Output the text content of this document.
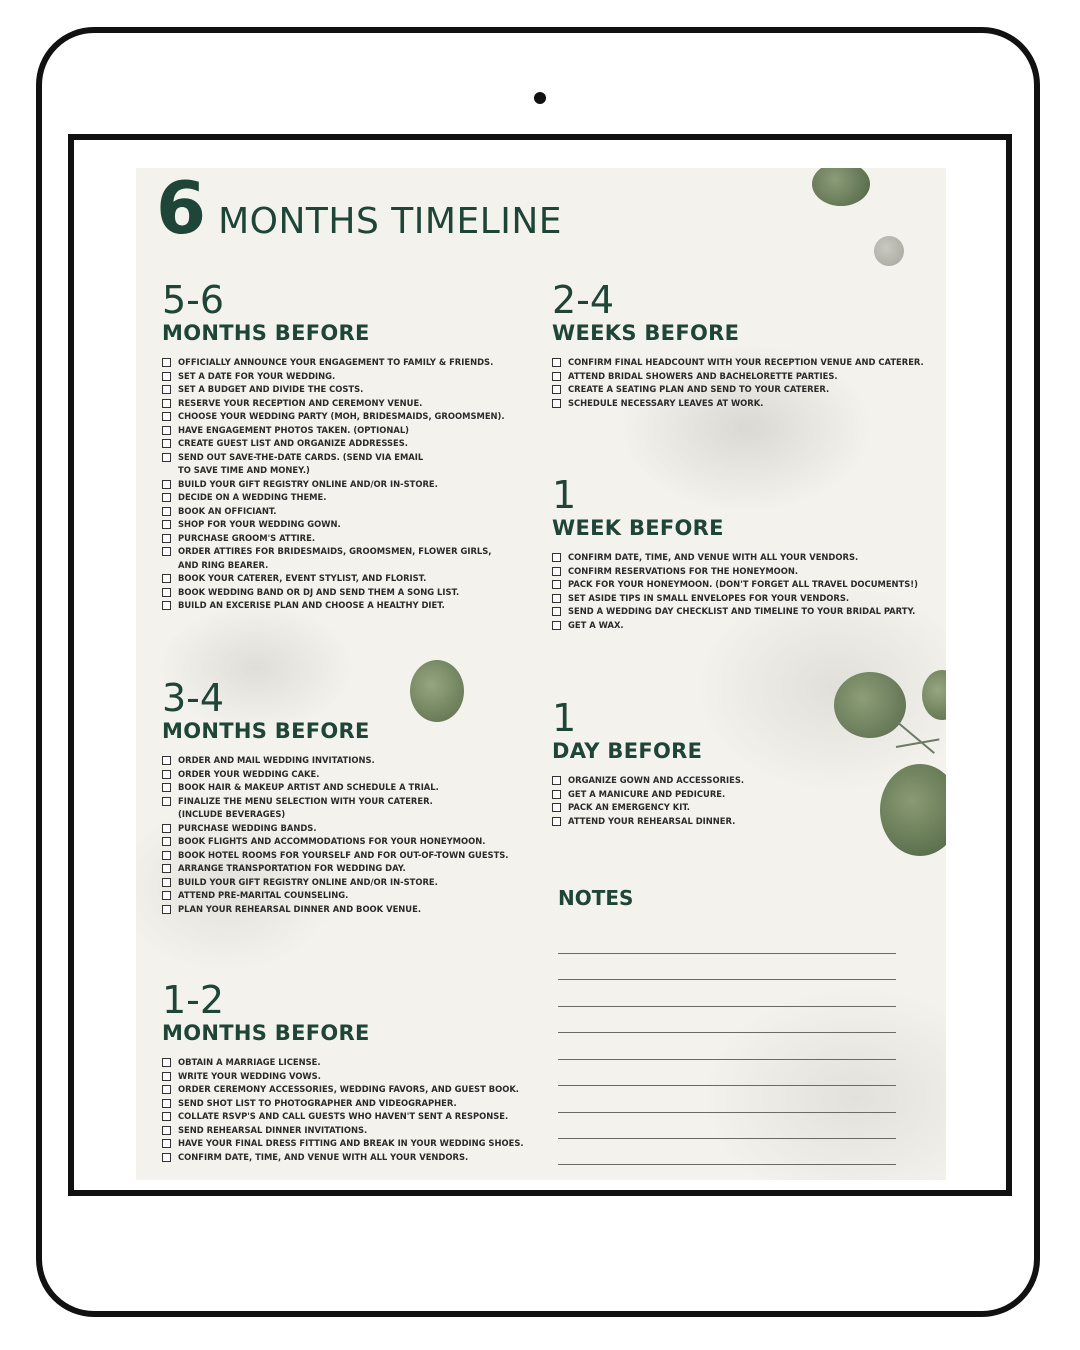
6 MONTHS TIMELINE
5-6
MONTHS BEFORE
OFFICIALLY ANNOUNCE YOUR ENGAGEMENT TO FAMILY & FRIENDS.
SET A DATE FOR YOUR WEDDING.
SET A BUDGET AND DIVIDE THE COSTS.
RESERVE YOUR RECEPTION AND CEREMONY VENUE.
CHOOSE YOUR WEDDING PARTY (MOH, BRIDESMAIDS, GROOMSMEN).
HAVE ENGAGEMENT PHOTOS TAKEN. (OPTIONAL)
CREATE GUEST LIST AND ORGANIZE ADDRESSES.
SEND OUT SAVE-THE-DATE CARDS. (SEND VIA EMAIL
TO SAVE TIME AND MONEY.)
BUILD YOUR GIFT REGISTRY ONLINE AND/OR IN-STORE.
DECIDE ON A WEDDING THEME.
BOOK AN OFFICIANT.
SHOP FOR YOUR WEDDING GOWN.
PURCHASE GROOM'S ATTIRE.
ORDER ATTIRES FOR BRIDESMAIDS, GROOMSMEN, FLOWER GIRLS,
AND RING BEARER.
BOOK YOUR CATERER, EVENT STYLIST, AND FLORIST.
BOOK WEDDING BAND OR DJ AND SEND THEM A SONG LIST.
BUILD AN EXCERISE PLAN AND CHOOSE A HEALTHY DIET.
3-4
MONTHS BEFORE
ORDER AND MAIL WEDDING INVITATIONS.
ORDER YOUR WEDDING CAKE.
BOOK HAIR & MAKEUP ARTIST AND SCHEDULE A TRIAL.
FINALIZE THE MENU SELECTION WITH YOUR CATERER.
(INCLUDE BEVERAGES)
PURCHASE WEDDING BANDS.
BOOK FLIGHTS AND ACCOMMODATIONS FOR YOUR HONEYMOON.
BOOK HOTEL ROOMS FOR YOURSELF AND FOR OUT-OF-TOWN GUESTS.
ARRANGE TRANSPORTATION FOR WEDDING DAY.
BUILD YOUR GIFT REGISTRY ONLINE AND/OR IN-STORE.
ATTEND PRE-MARITAL COUNSELING.
PLAN YOUR REHEARSAL DINNER AND BOOK VENUE.
1-2
MONTHS BEFORE
OBTAIN A MARRIAGE LICENSE.
WRITE YOUR WEDDING VOWS.
ORDER CEREMONY ACCESSORIES, WEDDING FAVORS, AND GUEST BOOK.
SEND SHOT LIST TO PHOTOGRAPHER AND VIDEOGRAPHER.
COLLATE RSVP'S AND CALL GUESTS WHO HAVEN'T SENT A RESPONSE.
SEND REHEARSAL DINNER INVITATIONS.
HAVE YOUR FINAL DRESS FITTING AND BREAK IN YOUR WEDDING SHOES.
CONFIRM DATE, TIME, AND VENUE WITH ALL YOUR VENDORS.
2-4
WEEKS BEFORE
CONFIRM FINAL HEADCOUNT WITH YOUR RECEPTION VENUE AND CATERER.
ATTEND BRIDAL SHOWERS AND BACHELORETTE PARTIES.
CREATE A SEATING PLAN AND SEND TO YOUR CATERER.
SCHEDULE NECESSARY LEAVES AT WORK.
1
WEEK BEFORE
CONFIRM DATE, TIME, AND VENUE WITH ALL YOUR VENDORS.
CONFIRM RESERVATIONS FOR THE HONEYMOON.
PACK FOR YOUR HONEYMOON. (DON'T FORGET ALL TRAVEL DOCUMENTS!)
SET ASIDE TIPS IN SMALL ENVELOPES FOR YOUR VENDORS.
SEND A WEDDING DAY CHECKLIST AND TIMELINE TO YOUR BRIDAL PARTY.
GET A WAX.
1
DAY BEFORE
ORGANIZE GOWN AND ACCESSORIES.
GET A MANICURE AND PEDICURE.
PACK AN EMERGENCY KIT.
ATTEND YOUR REHEARSAL DINNER.
NOTES
